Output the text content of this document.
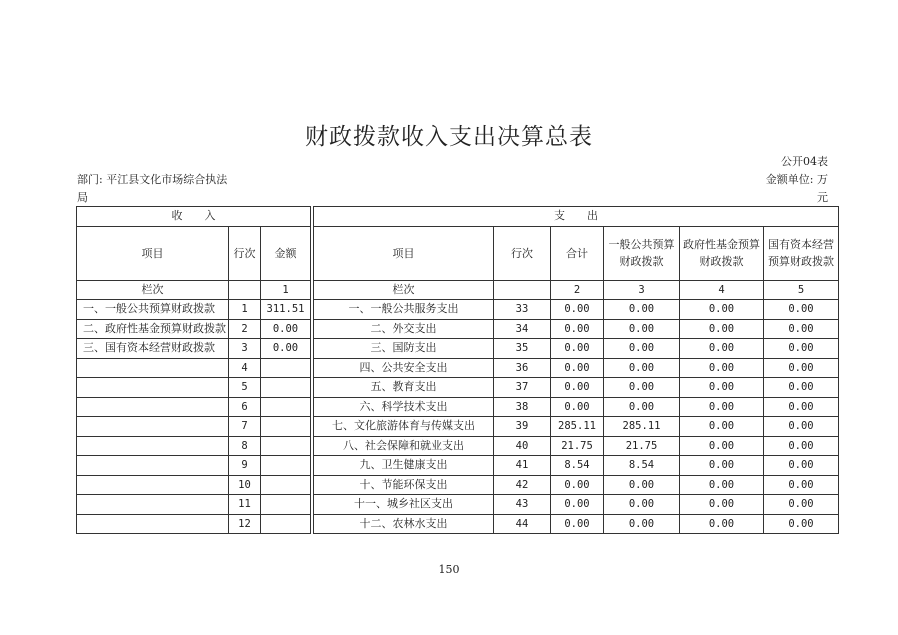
财政拨款收入支出决算总表
公开04表
部门: 平江县文化市场综合执法局
金额单位: 万元
收　　入				支　　出					
项目	行次	金额		项目	行次	合计	一般公共预算财政拨款	政府性基金预算财政拨款	国有资本经营预算财政拨款
栏次		1		栏次		2	3	4	5
一、一般公共预算财政拨款	1	311.51		一、一般公共服务支出	33	0.00	0.00	0.00	0.00
二、政府性基金预算财政拨款	2	0.00		二、外交支出	34	0.00	0.00	0.00	0.00
三、国有资本经营财政拨款	3	0.00		三、国防支出	35	0.00	0.00	0.00	0.00
	4			四、公共安全支出	36	0.00	0.00	0.00	0.00
	5			五、教育支出	37	0.00	0.00	0.00	0.00
	6			六、科学技术支出	38	0.00	0.00	0.00	0.00
	7			七、文化旅游体育与传媒支出	39	285.11	285.11	0.00	0.00
	8			八、社会保障和就业支出	40	21.75	21.75	0.00	0.00
	9			九、卫生健康支出	41	8.54	8.54	0.00	0.00
	10			十、节能环保支出	42	0.00	0.00	0.00	0.00
	11			十一、城乡社区支出	43	0.00	0.00	0.00	0.00
	12			十二、农林水支出	44	0.00	0.00	0.00	0.00
150
